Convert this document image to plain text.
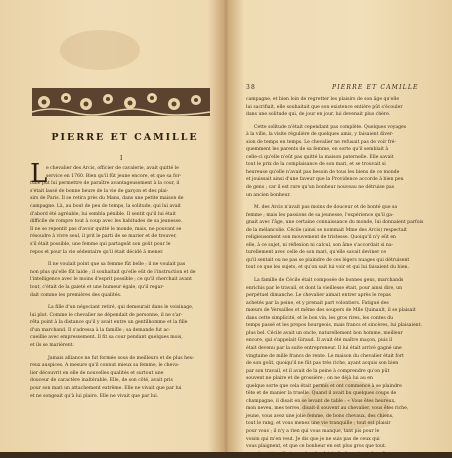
PIERRE ET CAMILLE
I
L
e chevalier des Arcis, officier de cavalerie, avait quitté le
service en 1760. Bien qu'il fût jeune encore, et que sa for-
tune pût lui permettre de paraître avantageusement à la cour, il
s'était lassé de bonne heure de la vie de garçon et des plai-
sirs de Paris. Il se retira près du Mans, dans une petite maison de
campagne. Là, au bout de peu de temps, la solitude, qui lui avait
d'abord été agréable, lui sembla pénible. Il sentit qu'il lui était
difficile de rompre tout à coup avec les habitudes de sa jeunesse.
Il ne se repentit pas d'avoir quitté le monde, mais, ne pouvant se
résoudre à vivre seul, il prit le parti de se marier et de trouver,
s'il était possible, une femme qui partageât son goût pour le
repos et pour la vie sédentaire qu'il était décidé à mener.
Il ne voulait point que sa femme fût belle ; il ne voulait pas
non plus qu'elle fût laide ; il souhaitait qu'elle eût de l'instruction et de
l'intelligence avec le moins d'esprit possible ; ce qu'il cherchait avant
tout, c'était de la gaieté et une humeur égale, qu'il regar-
dait comme les premières des qualités.
La fille d'un négociant retiré, qui demeurait dans le voisinage,
lui plut. Comme le chevalier ne dépendait de personne, il ne s'ar-
rêta point à la distance qu'il y avait entre un gentilhomme et la fille
d'un marchand. Il s'adressa à la famille ; sa demande fut ac-
cueillie avec empressement. Il fit sa cour pendant quelques mois,
et ils se marièrent.
Jamais alliance ne fut formée sous de meilleurs et de plus heu-
reux auspices. A mesure qu'il connut mieux sa femme, le cheva-
lier découvrit en elle de nouvelles qualités et surtout une
douceur de caractère inaltérable. Elle, de son côté, avait pris
pour son mari un attachement extrême. Elle ne vivait que par lui
et ne songeait qu'à lui plaire. Elle ne vivait que par lui.
38	PIERRE ET CAMILLE
campagne, et bien loin de regretter les plaisirs de son âge qu'elle
lui sacrifiait, elle souhaitait que son existence entière pût s'écouler
dans une solitude qui, de jour en jour, lui devenait plus chère.
Cette solitude n'était cependant pas complète. Quelques voyages
à la ville, la visite régulière de quelques amis, y faisaient diver-
sion de temps en temps. Le chevalier ne refusait pas de voir fré-
quemment les parents de sa femme, en sorte qu'il semblait à
celle-ci qu'elle n'eût pas quitté la maison paternelle. Elle savait
tout le prix de la complaisance de son mari, et se trouvait si
heureuse qu'elle n'avait pas besoin de tous les biens de ce monde
et jouissait ainsi d'une faveur que la Providence accorde à bien peu
de gens ; car il est rare qu'un bonheur nouveau ne détruise pas
un ancien bonheur.
M. des Arcis n'avait pas moins de douceur et de bonté que sa
femme ; mais les passions de sa jeunesse, l'expérience qu'il ga-
gnait avec l'âge, une certaine connaissance du monde, lui donnaient parfois
de la mélancolie. Cécile (ainsi se nommait Mme des Arcis) respectait
religieusement son mouvement de tristesse. Quoiqu'il n'y eût en
elle, à ce sujet, ni réflexion ni calcul, son âme s'accordait si na-
turellement avec celle de son mari, qu'elle savait deviner ce
qu'il sentait ou ne pas se plaindre de ces légers nuages qui détruisent
tout ce que les sujets, et qu'on sait lui voir et qui lui faisaient du bien.
La famille de Cécile était composée de bonnes gens, marchands
enrichis par le travail, et dont la vieillesse était, pour ainsi dire, un
perpétuel dimanche. Le chevalier aimait entrer après le repas
achetés par la peine, et y prenait part volontiers. Fatigué des
mœurs de Versailles et même des soupers de Mlle Quinault, il se plaisait
dans cette simplicité, et le bon vin, les gros rires, les contes du
temps passé et les propos bourgeois, mais francs et sincères, lui plaisaient.
plus bel. Cécile avait un oncle, naturellement bon homme, meilleur
encore, qui s'appelait Giraud. Il avait été maître maçon, puis il
était devenu par la suite entrepreneur. Il lui était arrivé gagné une
vingtaine de mille francs de rente. Le maison du chevalier était fort
de son goût, quoiqu'il ne fût pas très riche, ayant acquis son bien
par son travail, et il avait de la peine à comprendre qu'on pût
souvent ne plaire et de grossière ; on ne déjà lui au en
quelque sorte que cela était permis et ont commencé à se plaindre
tête et de manier la truelle. Quand il avait bu quelques coups de
champagne, il disait en se levant de table : « Vous êtes heureux,
mon neveu, mes terres, disait-il souvent au chevalier, vous êtes riche,
jeune, vous avez une jolie femme, de bons chevaux, des chiens,
tout le rang, et vous menez une vie tranquille ; tout est plaisir
pour vous ; il n'y a rien qui vous manque, tant pis pour le
voisin qui m'en veut. Je dis que je ne suis pas de ceux qui
vous plaignent, et que ce bonheur en est plus gros que tout.
pour le voisin s'il n'en a plus de plaisir. Le bon vieux chevalier »
